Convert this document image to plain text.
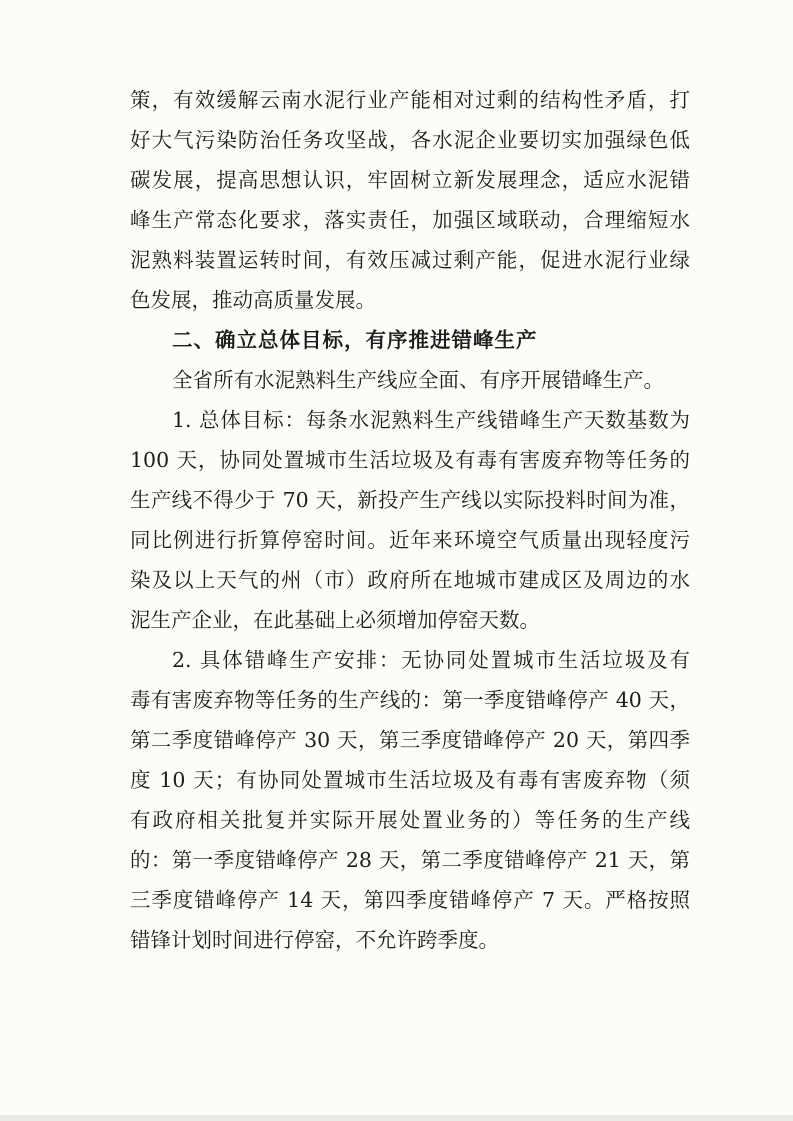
策，有效缓解云南水泥行业产能相对过剩的结构性矛盾，打
好大气污染防治任务攻坚战，各水泥企业要切实加强绿色低
碳发展，提高思想认识，牢固树立新发展理念，适应水泥错
峰生产常态化要求，落实责任，加强区域联动，合理缩短水
泥熟料装置运转时间，有效压减过剩产能，促进水泥行业绿
色发展，推动高质量发展。
二、确立总体目标，有序推进错峰生产
全省所有水泥熟料生产线应全面、有序开展错峰生产。
1. 总体目标：每条水泥熟料生产线错峰生产天数基数为
100 天，协同处置城市生活垃圾及有毒有害废弃物等任务的
生产线不得少于 70 天，新投产生产线以实际投料时间为准，
同比例进行折算停窑时间。近年来环境空气质量出现轻度污
染及以上天气的州（市）政府所在地城市建成区及周边的水
泥生产企业，在此基础上必须增加停窑天数。
2. 具体错峰生产安排：无协同处置城市生活垃圾及有
毒有害废弃物等任务的生产线的：第一季度错峰停产 40 天，
第二季度错峰停产 30 天，第三季度错峰停产 20 天，第四季
度 10 天；有协同处置城市生活垃圾及有毒有害废弃物（须
有政府相关批复并实际开展处置业务的）等任务的生产线
的：第一季度错峰停产 28 天，第二季度错峰停产 21 天，第
三季度错峰停产 14 天，第四季度错峰停产 7 天。严格按照
错锋计划时间进行停窑，不允许跨季度。
